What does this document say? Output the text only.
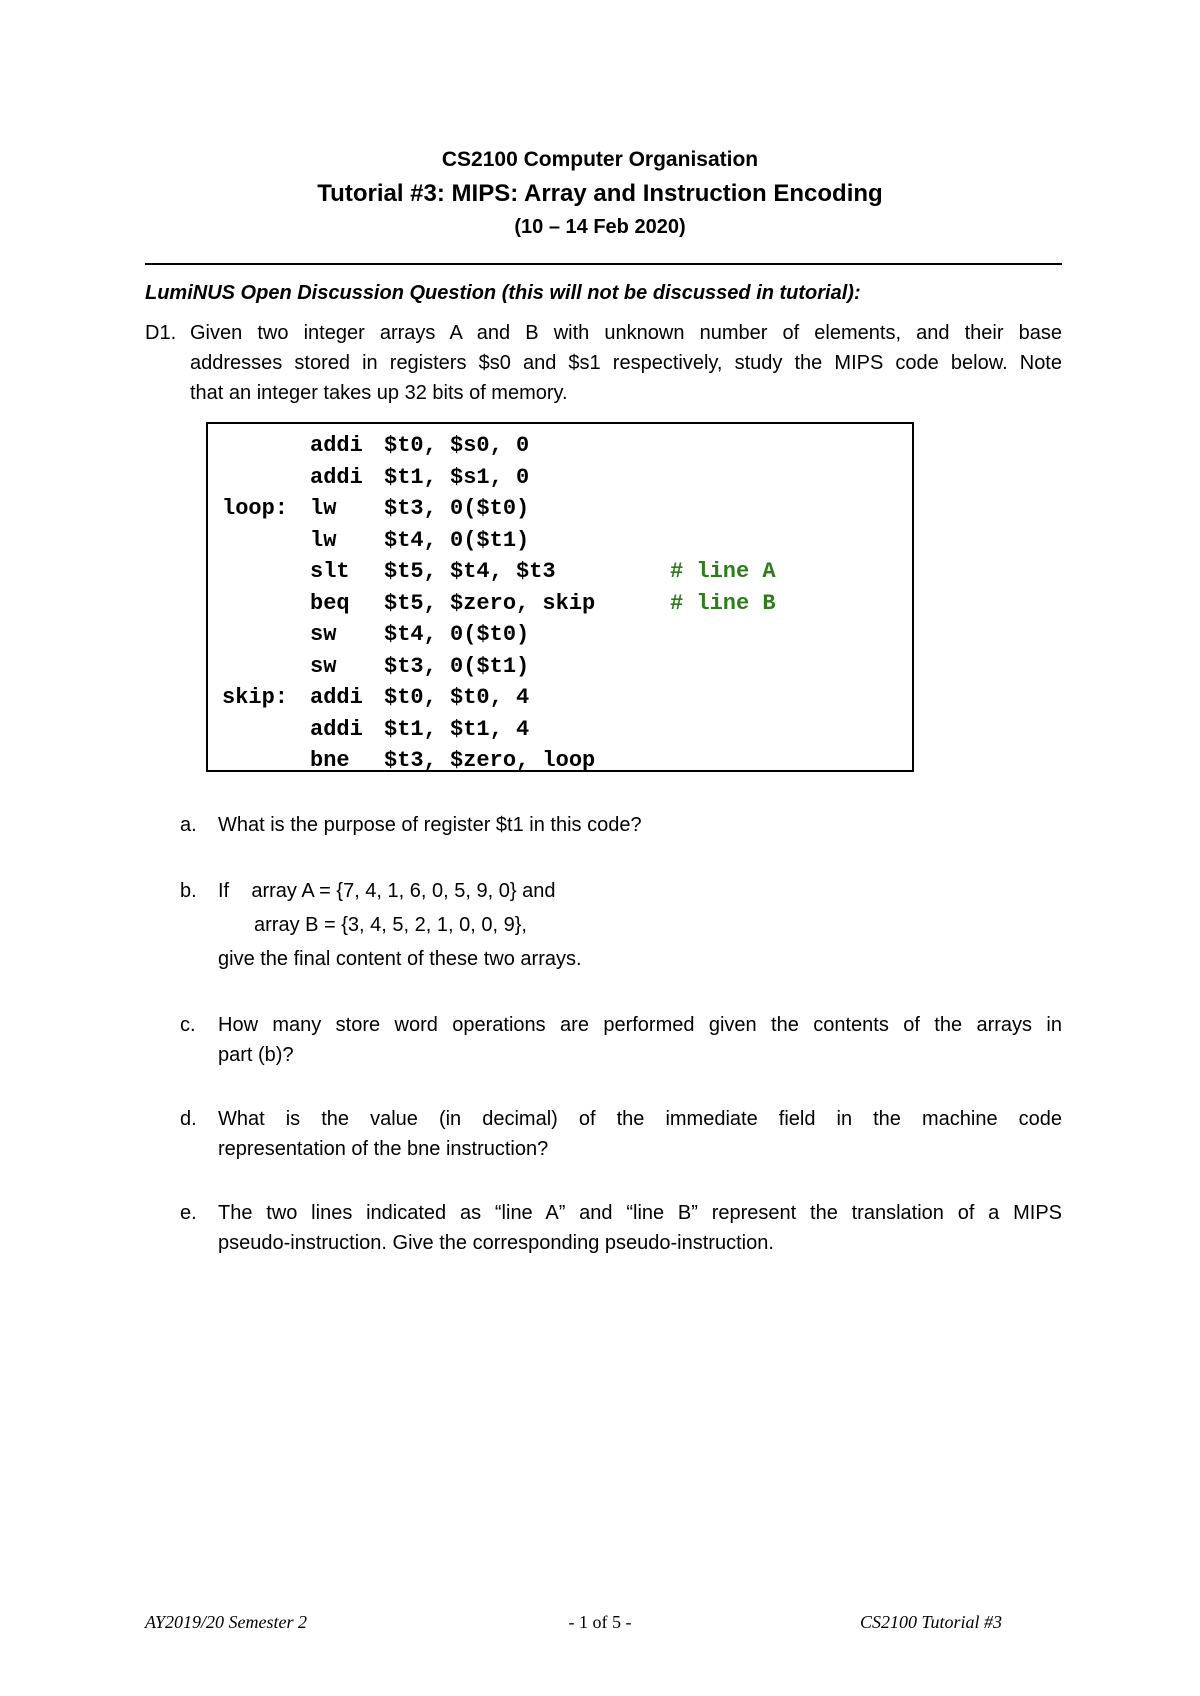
CS2100 Computer Organisation
Tutorial #3: MIPS: Array and Instruction Encoding
(10 – 14 Feb 2020)
LumiNUS Open Discussion Question (this will not be discussed in tutorial):
D1. Given two integer arrays A and B with unknown number of elements, and their base
addresses stored in registers $s0 and $s1 respectively, study the MIPS code below. Note
that an integer takes up 32 bits of memory.
addi $t0, $s0, 0
addi $t1, $s1, 0
loop: lw $t3, 0($t0)
lw $t4, 0($t1)
slt $t5, $t4, $t3	# line A
beq $t5, $zero, skip	# line B
sw $t4, 0($t0)
sw $t3, 0($t1)
skip: addi $t0, $t0, 4
addi $t1, $t1, 4
bne $t3, $zero, loop
a. What is the purpose of register $t1 in this code?
b. If    array A = {7, 4, 1, 6, 0, 5, 9, 0} and
array B = {3, 4, 5, 2, 1, 0, 0, 9},
give the final content of these two arrays.
c. How many store word operations are performed given the contents of the arrays in
part (b)?
d. What is the value (in decimal) of the immediate field in the machine code
representation of the bne instruction?
e. The two lines indicated as “line A” and “line B” represent the translation of a MIPS
pseudo-instruction. Give the corresponding pseudo-instruction.
AY2019/20 Semester 2	- 1 of 5 -	CS2100 Tutorial #3
